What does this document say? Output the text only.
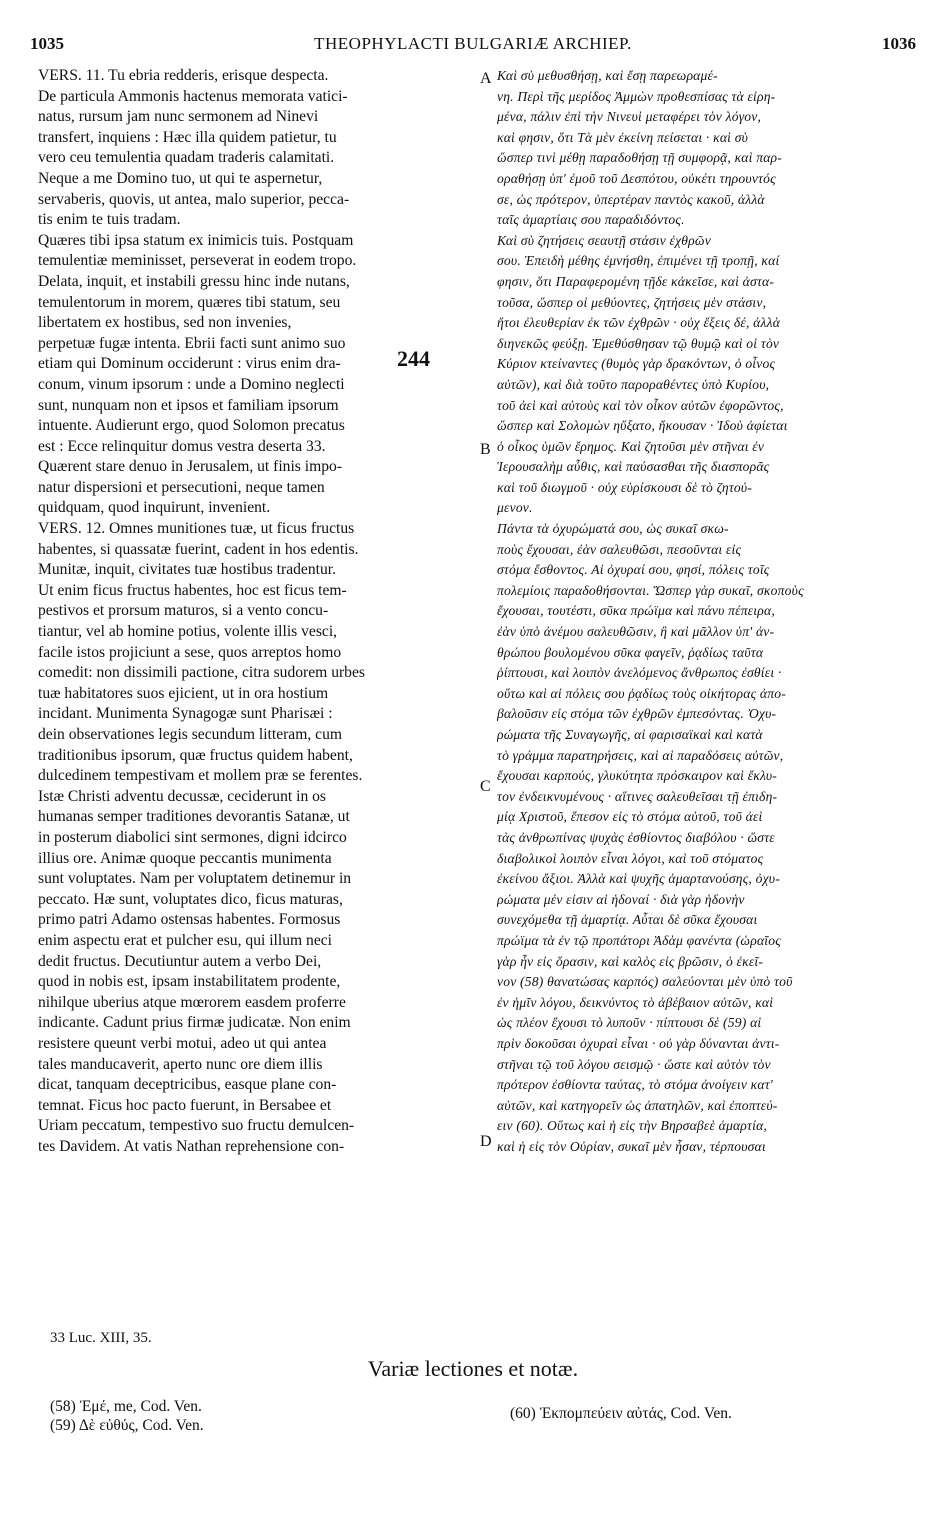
1035	THEOPHYLACTI BULGARIÆ ARCHIEP.	1036
VERS. 11. Tu ebria redderis, erisque despecta.
De particula Ammonis hactenus memorata vatici-
natus, rursum jam nunc sermonem ad Ninevi
transfert, inquiens : Hæc illa quidem patietur, tu
vero ceu temulentia quadam traderis calamitati.
Neque a me Domino tuo, ut qui te aspernetur,
servaberis, quovis, ut antea, malo superior, pecca-
tis enim te tuis tradam.
Quæres tibi ipsa statum ex inimicis tuis. Postquam
temulentiæ meminisset, perseverat in eodem tropo.
Delata, inquit, et instabili gressu hinc inde nutans,
temulentorum in morem, quæres tibi statum, seu
libertatem ex hostibus, sed non invenies,
perpetuæ fugæ intenta. Ebrii facti sunt animo suo
etiam qui Dominum occiderunt : virus enim dra-
conum, vinum ipsorum : unde a Domino neglecti
sunt, nunquam non et ipsos et familiam ipsorum
intuente. Audierunt ergo, quod Solomon precatus
est : Ecce relinquitur domus vestra deserta 33.
Quærent stare denuo in Jerusalem, ut finis impo-
natur dispersioni et persecutioni, neque tamen
quidquam, quod inquirunt, invenient.
VERS. 12. Omnes munitiones tuæ, ut ficus fructus
habentes, si quassatæ fuerint, cadent in hos edentis.
Munitæ, inquit, civitates tuæ hostibus tradentur.
Ut enim ficus fructus habentes, hoc est ficus tem-
pestivos et prorsum maturos, si a vento concu-
tiantur, vel ab homine potius, volente illis vesci,
facile istos projiciunt a sese, quos arreptos homo
comedit: non dissimili pactione, citra sudorem urbes
tuæ habitatores suos ejicient, ut in ora hostium
incidant. Munimenta Synagogæ sunt Pharisæi :
dein observationes legis secundum litteram, cum
traditionibus ipsorum, quæ fructus quidem habent,
dulcedinem tempestivam et mollem præ se ferentes.
Istæ Christi adventu decussæ, ceciderunt in os
humanas semper traditiones devorantis Satanæ, ut
in posterum diabolici sint sermones, digni idcirco
illius ore. Animæ quoque peccantis munimenta
sunt voluptates. Nam per voluptatem detinemur in
peccato. Hæ sunt, voluptates dico, ficus maturas,
primo patri Adamo ostensas habentes. Formosus
enim aspectu erat et pulcher esu, qui illum neci
dedit fructus. Decutiuntur autem a verbo Dei,
quod in nobis est, ipsam instabilitatem prodente,
nihilque uberius atque mœrorem easdem proferre
indicante. Cadunt prius firmæ judicatæ. Non enim
resistere queunt verbi motui, adeo ut qui antea
tales manducaverit, aperto nunc ore diem illis
dicat, tanquam deceptricibus, easque plane con-
temnat. Ficus hoc pacto fuerunt, in Bersabee et
Uriam peccatum, tempestivo suo fructu demulcen-
tes Davidem. At vatis Nathan reprehensione con-
Καὶ σὺ μεθυσθήσῃ, καὶ ἔσῃ παρεωραμέ-
νη. Περὶ τῆς μερίδος Ἀμμὼν προθεσπίσας τὰ εἰρη-
μένα, πάλιν ἐπὶ τὴν Νινευὶ μεταφέρει τὸν λόγον,
καὶ φησιν, ὅτι Τὰ μὲν ἐκείνη πείσεται · καὶ σὺ
ὥσπερ τινὶ μέθῃ παραδοθήσῃ τῇ συμφορᾷ, καὶ παρ-
οραθήσῃ ὑπ' ἐμοῦ τοῦ Δεσπότου, οὐκέτι τηρουντός
σε, ὡς πρότερον, ὑπερτέραν παντὸς κακοῦ, ἀλλὰ
ταῖς ἁμαρτίαις σου παραδιδόντος.
Καὶ σὺ ζητήσεις σεαυτῇ στάσιν ἐχθρῶν
σου. Ἐπειδὴ μέθης ἐμνήσθη, ἐπιμένει τῇ τροπῇ, καί
φησιν, ὅτι Παραφερομένη τῇδε κἀκεῖσε, καὶ ἀστα-
τοῦσα, ὥσπερ οἱ μεθύοντες, ζητήσεις μὲν στάσιν,
ἤτοι ἐλευθερίαν ἐκ τῶν ἐχθρῶν · οὐχ ἕξεις δέ, ἀλλὰ
διηνεκῶς φεύξῃ. Ἐμεθύσθησαν τῷ θυμῷ καὶ οἱ τὸν
Κύριον κτείναντες (θυμὸς γὰρ δρακόντων, ὁ οἶνος
αὐτῶν), καὶ διὰ τοῦτο παροραθέντες ὑπὸ Κυρίου,
τοῦ ἀεὶ καὶ αὐτοὺς καὶ τὸν οἶκον αὐτῶν ἐφορῶντος,
ὥσπερ καὶ Σολομὼν ηὔξατο, ἤκουσαν · Ἰδοὺ ἀφίεται
ὁ οἶκος ὑμῶν ἔρημος. Καὶ ζητοῦσι μὲν στῆναι ἐν
Ἱερουσαλὴμ αὖθις, καὶ παύσασθαι τῆς διασπορᾶς
καὶ τοῦ διωγμοῦ · οὐχ εὑρίσκουσι δὲ τὸ ζητού-
μενον.
Πάντα τὰ ὀχυρώματά σου, ὡς συκαῖ σκω-
ποὺς ἔχουσαι, ἐὰν σαλευθῶσι, πεσοῦνται εἰς
στόμα ἔσθοντος. Αἱ ὀχυραί σου, φησί, πόλεις τοῖς
πολεμίοις παραδοθήσονται. Ὥσπερ γὰρ συκαῖ, σκοποὺς
ἔχουσαι, τουτέστι, σῦκα πρώϊμα καὶ πάνυ πέπειρα,
ἐὰν ὑπὸ ἀνέμου σαλευθῶσιν, ἢ καὶ μᾶλλον ὑπ' ἀν-
θρώπου βουλομένου σῦκα φαγεῖν, ῥᾳδίως ταῦτα
ῥίπτουσι, καὶ λοιπὸν ἀνελόμενος ἄνθρωπος ἐσθίει ·
οὕτω καὶ αἱ πόλεις σου ῥᾳδίως τοὺς οἰκήτορας ἀπο-
βαλοῦσιν εἰς στόμα τῶν ἐχθρῶν ἐμπεσόντας. Ὀχυ-
ρώματα τῆς Συναγωγῆς, αἱ φαρισαϊκαὶ καὶ κατὰ
τὸ γράμμα παρατηρήσεις, καὶ αἱ παραδόσεις αὐτῶν,
ἔχουσαι καρπούς, γλυκύτητα πρόσκαιρον καὶ ἔκλυ-
τον ἐνδεικνυμένους · αἵτινες σαλευθεῖσαι τῇ ἐπιδη-
μίᾳ Χριστοῦ, ἔπεσον εἰς τὸ στόμα αὐτοῦ, τοῦ ἀεὶ
τὰς ἀνθρωπίνας ψυχὰς ἐσθίοντος διαβόλου · ὥστε
διαβολικοὶ λοιπὸν εἶναι λόγοι, καὶ τοῦ στόματος
ἐκείνου ἄξιοι. Ἀλλὰ καὶ ψυχῆς ἁμαρτανούσης, ὀχυ-
ρώματα μέν εἰσιν αἱ ἡδοναί · διὰ γὰρ ἡδονὴν
συνεχόμεθα τῇ ἁμαρτίᾳ. Αὗται δὲ σῦκα ἔχουσαι
πρώϊμα τὰ ἐν τῷ προπάτορι Ἀδὰμ φανέντα (ὡραῖος
γὰρ ἦν εἰς ὅρασιν, καὶ καλὸς εἰς βρῶσιν, ὁ ἐκεῖ-
νον (58) θανατώσας καρπός) σαλεύονται μὲν ὑπὸ τοῦ
ἐν ἡμῖν λόγου, δεικνύντος τὸ ἀβέβαιον αὐτῶν, καὶ
ὡς πλέον ἔχουσι τὸ λυποῦν · πίπτουσι δὲ (59) αἱ
πρὶν δοκοῦσαι ὀχυραὶ εἶναι · οὐ γὰρ δύνανται ἀντι-
στῆναι τῷ τοῦ λόγου σεισμῷ · ὥστε καὶ αὐτὸν τὸν
πρότερον ἐσθίοντα ταύτας, τὸ στόμα ἀνοίγειν κατ'
αὐτῶν, καὶ κατηγορεῖν ὡς ἀπατηλῶν, καὶ ἐποπτεύ-
ειν (60). Οὕτως καὶ ἡ εἰς τὴν Βηρσαβεὲ ἁμαρτία,
καὶ ἡ εἰς τὸν Οὐρίαν, συκαῖ μὲν ἦσαν, τέρπουσαι
A
B
C
D
244
33 Luc. XIII, 35.
Variæ lectiones et notæ.
(58) Ἐμέ, me, Cod. Ven.
(59) Δὲ εὐθύς, Cod. Ven.
(60) Ἐκπομπεύειν αὐτάς, Cod. Ven.
